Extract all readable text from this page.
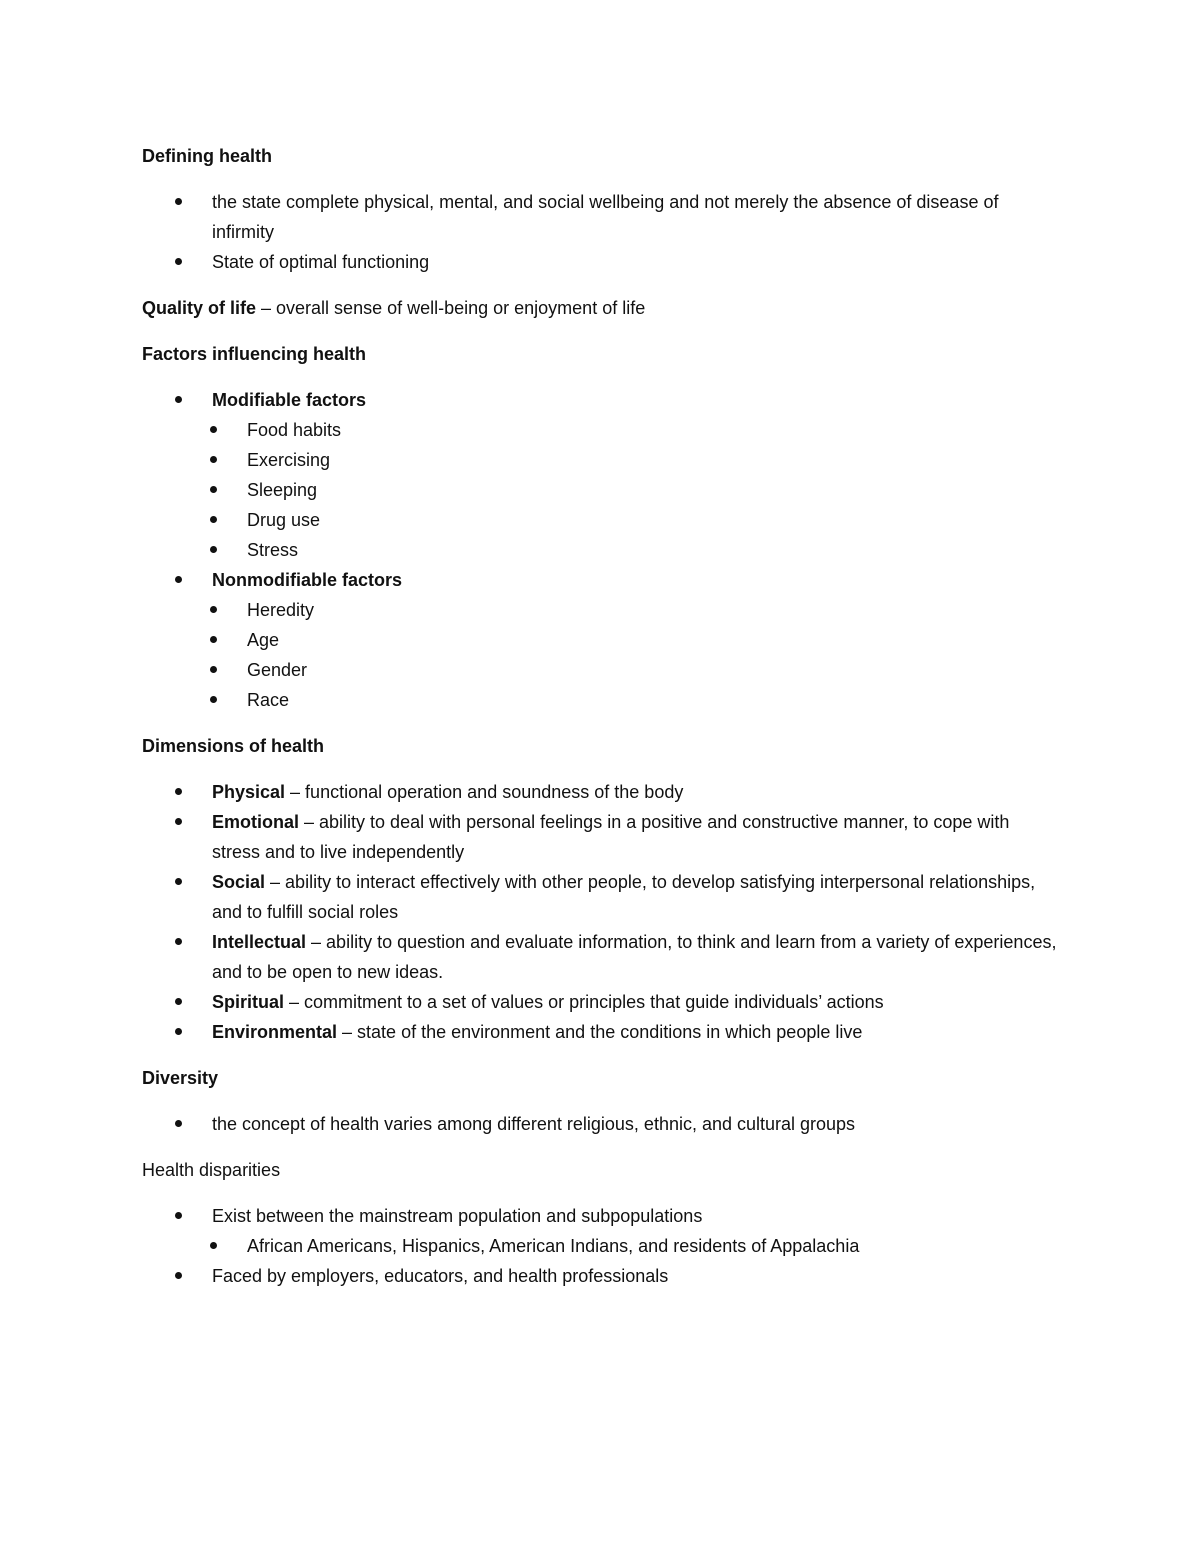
Defining health

the state complete physical, mental, and social wellbeing and not merely the absence of disease of infirmity
State of optimal functioning

Quality of life – overall sense of well-being or enjoyment of life

Factors influencing health

Modifiable factors
Food habits
Exercising
Sleeping
Drug use
Stress
Nonmodifiable factors
Heredity
Age
Gender
Race

Dimensions of health

Physical – functional operation and soundness of the body
Emotional – ability to deal with personal feelings in a positive and constructive manner, to cope with stress and to live independently
Social – ability to interact effectively with other people, to develop satisfying interpersonal relationships, and to fulfill social roles
Intellectual – ability to question and evaluate information, to think and learn from a variety of experiences, and to be open to new ideas.
Spiritual – commitment to a set of values or principles that guide individuals’ actions
Environmental – state of the environment and the conditions in which people live

Diversity

the concept of health varies among different religious, ethnic, and cultural groups

Health disparities

Exist between the mainstream population and subpopulations
African Americans, Hispanics, American Indians, and residents of Appalachia
Faced by employers, educators, and health professionals
